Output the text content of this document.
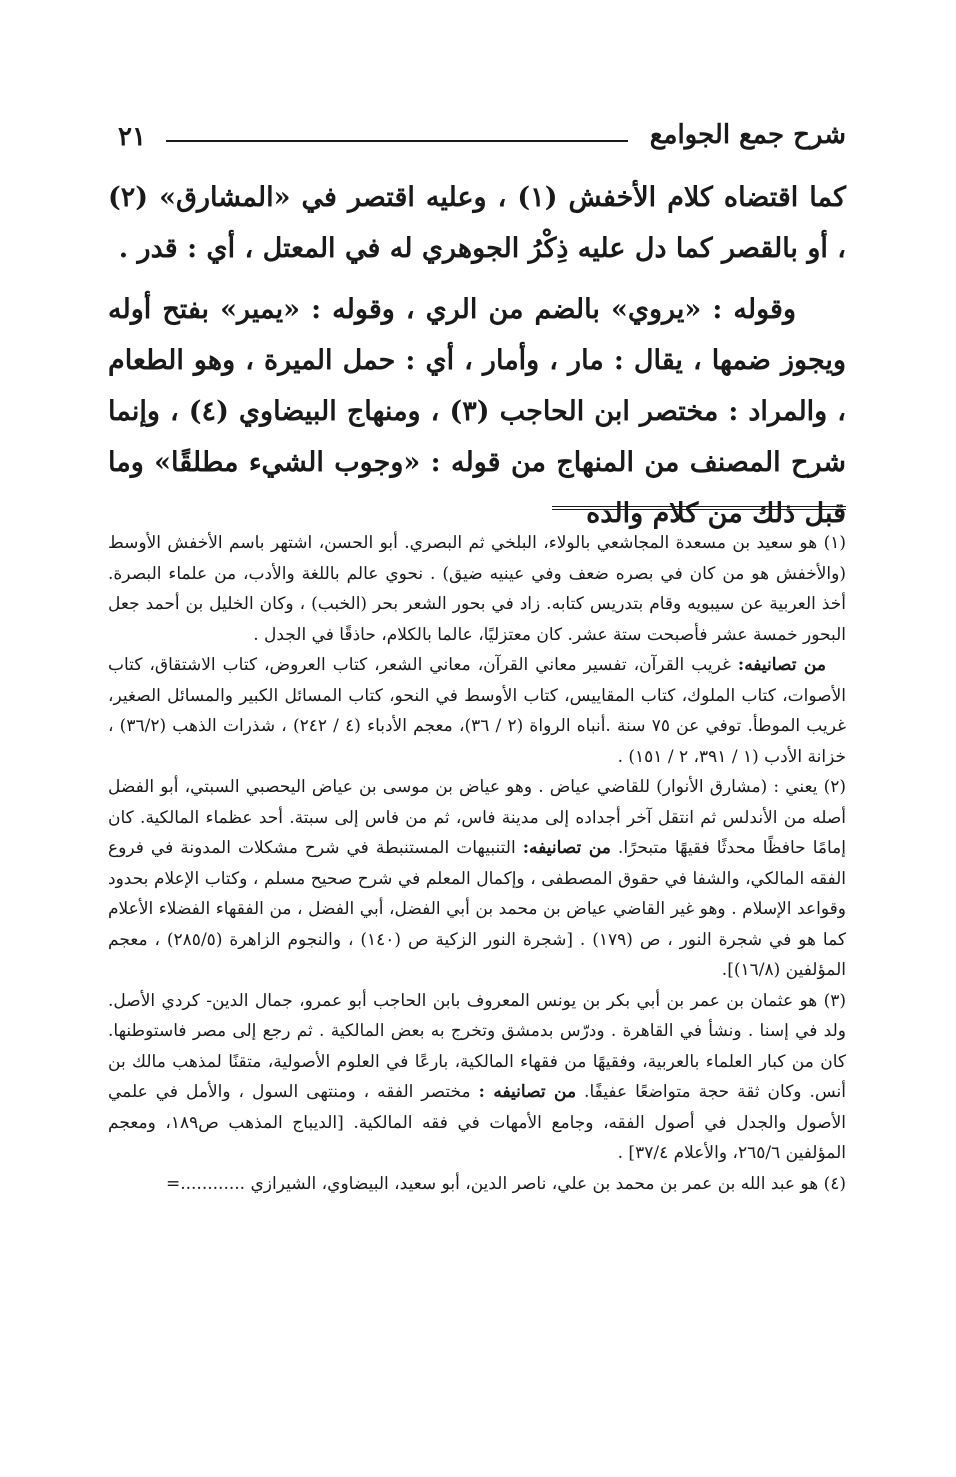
٢١	شرح جمع الجوامع

كما اقتضاه كلام الأخفش (١) ، وعليه اقتصر في «المشارق» (٢) ، أو بالقصر كما دل عليه ذِكْرُ الجوهري له في المعتل ، أي : قدر .

وقوله : «يروي» بالضم من الري ، وقوله : «يمير» بفتح أوله ويجوز ضمها ، يقال : مار ، وأمار ، أي : حمل الميرة ، وهو الطعام ، والمراد : مختصر ابن الحاجب (٣) ، ومنهاج البيضاوي (٤) ، وإنما شرح المصنف من المنهاج من قوله : «وجوب الشيء مطلقًا» وما قبل ذلك من كلام والده

(١) هو سعيد بن مسعدة المجاشعي بالولاء، البلخي ثم البصري. أبو الحسن، اشتهر باسم الأخفش الأوسط (والأخفش هو من كان في بصره ضعف وفي عينيه ضيق) . نحوي عالم باللغة والأدب، من علماء البصرة. أخذ العربية عن سيبويه وقام بتدريس كتابه. زاد في بحور الشعر بحر (الخبب) ، وكان الخليل بن أحمد جعل البحور خمسة عشر فأصبحت ستة عشر. كان معتزليًا، عالما بالكلام، حاذقًا في الجدل .

من تصانيفه: غريب القرآن، تفسير معاني القرآن، معاني الشعر، كتاب العروض، كتاب الاشتقاق، كتاب الأصوات، كتاب الملوك، كتاب المقاييس، كتاب الأوسط في النحو، كتاب المسائل الكبير والمسائل الصغير، غريب الموطأ. توفي عن ٧٥ سنة .أنباه الرواة (٢ / ٣٦)، معجم الأدباء (٤ / ٢٤٢) ، شذرات الذهب (٣٦/٢) ، خزانة الأدب (١ / ٣٩١، ٢ / ١٥١) .

(٢) يعني : (مشارق الأنوار) للقاضي عياض . وهو عياض بن موسى بن عياض اليحصبي السبتي، أبو الفضل أصله من الأندلس ثم انتقل آخر أجداده إلى مدينة فاس، ثم من فاس إلى سبتة. أحد عظماء المالكية. كان إمامًا حافظًا محدثًا فقيهًا متبحرًا. من تصانيفه: التنبيهات المستنبطة في شرح مشكلات المدونة في فروع الفقه المالكي، والشفا في حقوق المصطفى ، وإكمال المعلم في شرح صحيح مسلم ، وكتاب الإعلام بحدود وقواعد الإسلام . وهو غير القاضي عياض بن محمد بن أبي الفضل، أبي الفضل ، من الفقهاء الفضلاء الأعلام كما هو في شجرة النور ، ص (١٧٩) . [شجرة النور الزكية ص (١٤٠) ، والنجوم الزاهرة (٢٨٥/٥) ، معجم المؤلفين (١٦/٨)].

(٣) هو عثمان بن عمر بن أبي بكر بن يونس المعروف بابن الحاجب أبو عمرو، جمال الدين- كردي الأصل. ولد في إسنا . ونشأ في القاهرة . ودرّس بدمشق وتخرج به بعض المالكية . ثم رجع إلى مصر فاستوطنها. كان من كبار العلماء بالعربية، وفقيهًا من فقهاء المالكية، بارعًا في العلوم الأصولية، متقنًا لمذهب مالك بن أنس. وكان ثقة حجة متواضعًا عفيفًا. من تصانيفه : مختصر الفقه ، ومنتهى السول ، والأمل في علمي الأصول والجدل في أصول الفقه، وجامع الأمهات في فقه المالكية. [الديباج المذهب ص١٨٩، ومعجم المؤلفين ٢٦٥/٦، والأعلام ٣٧/٤] .

(٤) هو عبد الله بن عمر بن محمد بن علي، ناصر الدين، أبو سعيد، البيضاوي، الشيرازي ............=
